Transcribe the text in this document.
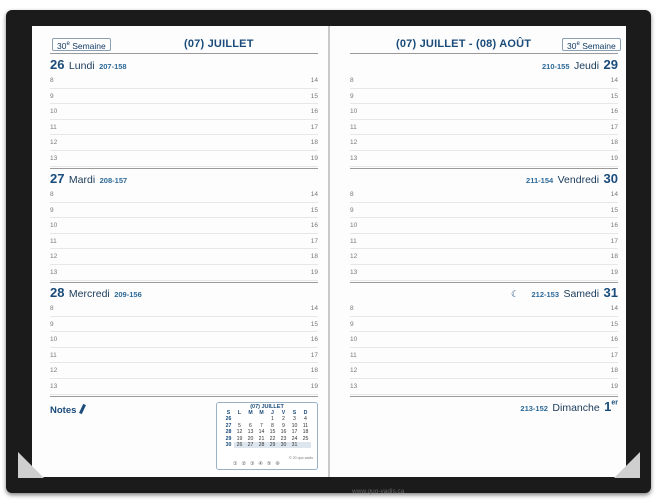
30e Semaine	(07) JUILLET
26 Lundi 207-158
8	14
9	15
10	16
11	17
12	18
13	19
27 Mardi 208-157
8	14
9	15
10	16
11	17
12	18
13	19
28 Mercredi 209-156
8	14
9	15
10	16
11	17
12	18
13	19
Notes	(07) JUILLET
S	L	M	M	J	V	S	D
26				1	2	3	4
27	5	6	7	8	9	10	11
28	12	13	14	15	16	17	18
29	19	20	21	22	23	24	25
30	26	27	28	29	30	31	
© 20 quo vadis
① ② ③ ④ ⑤ ⑥
(07) JUILLET - (08) AOÛT	30e Semaine
210-155 Jeudi 29
8	14
9	15
10	16
11	17
12	18
13	19
211-154 Vendredi 30
8	14
9	15
10	16
11	17
12	18
13	19
☾ 212-153 Samedi 31
8	14
9	15
10	16
11	17
12	18
13	19
213-152 Dimanche 1er
www.quo-vadis.ca
